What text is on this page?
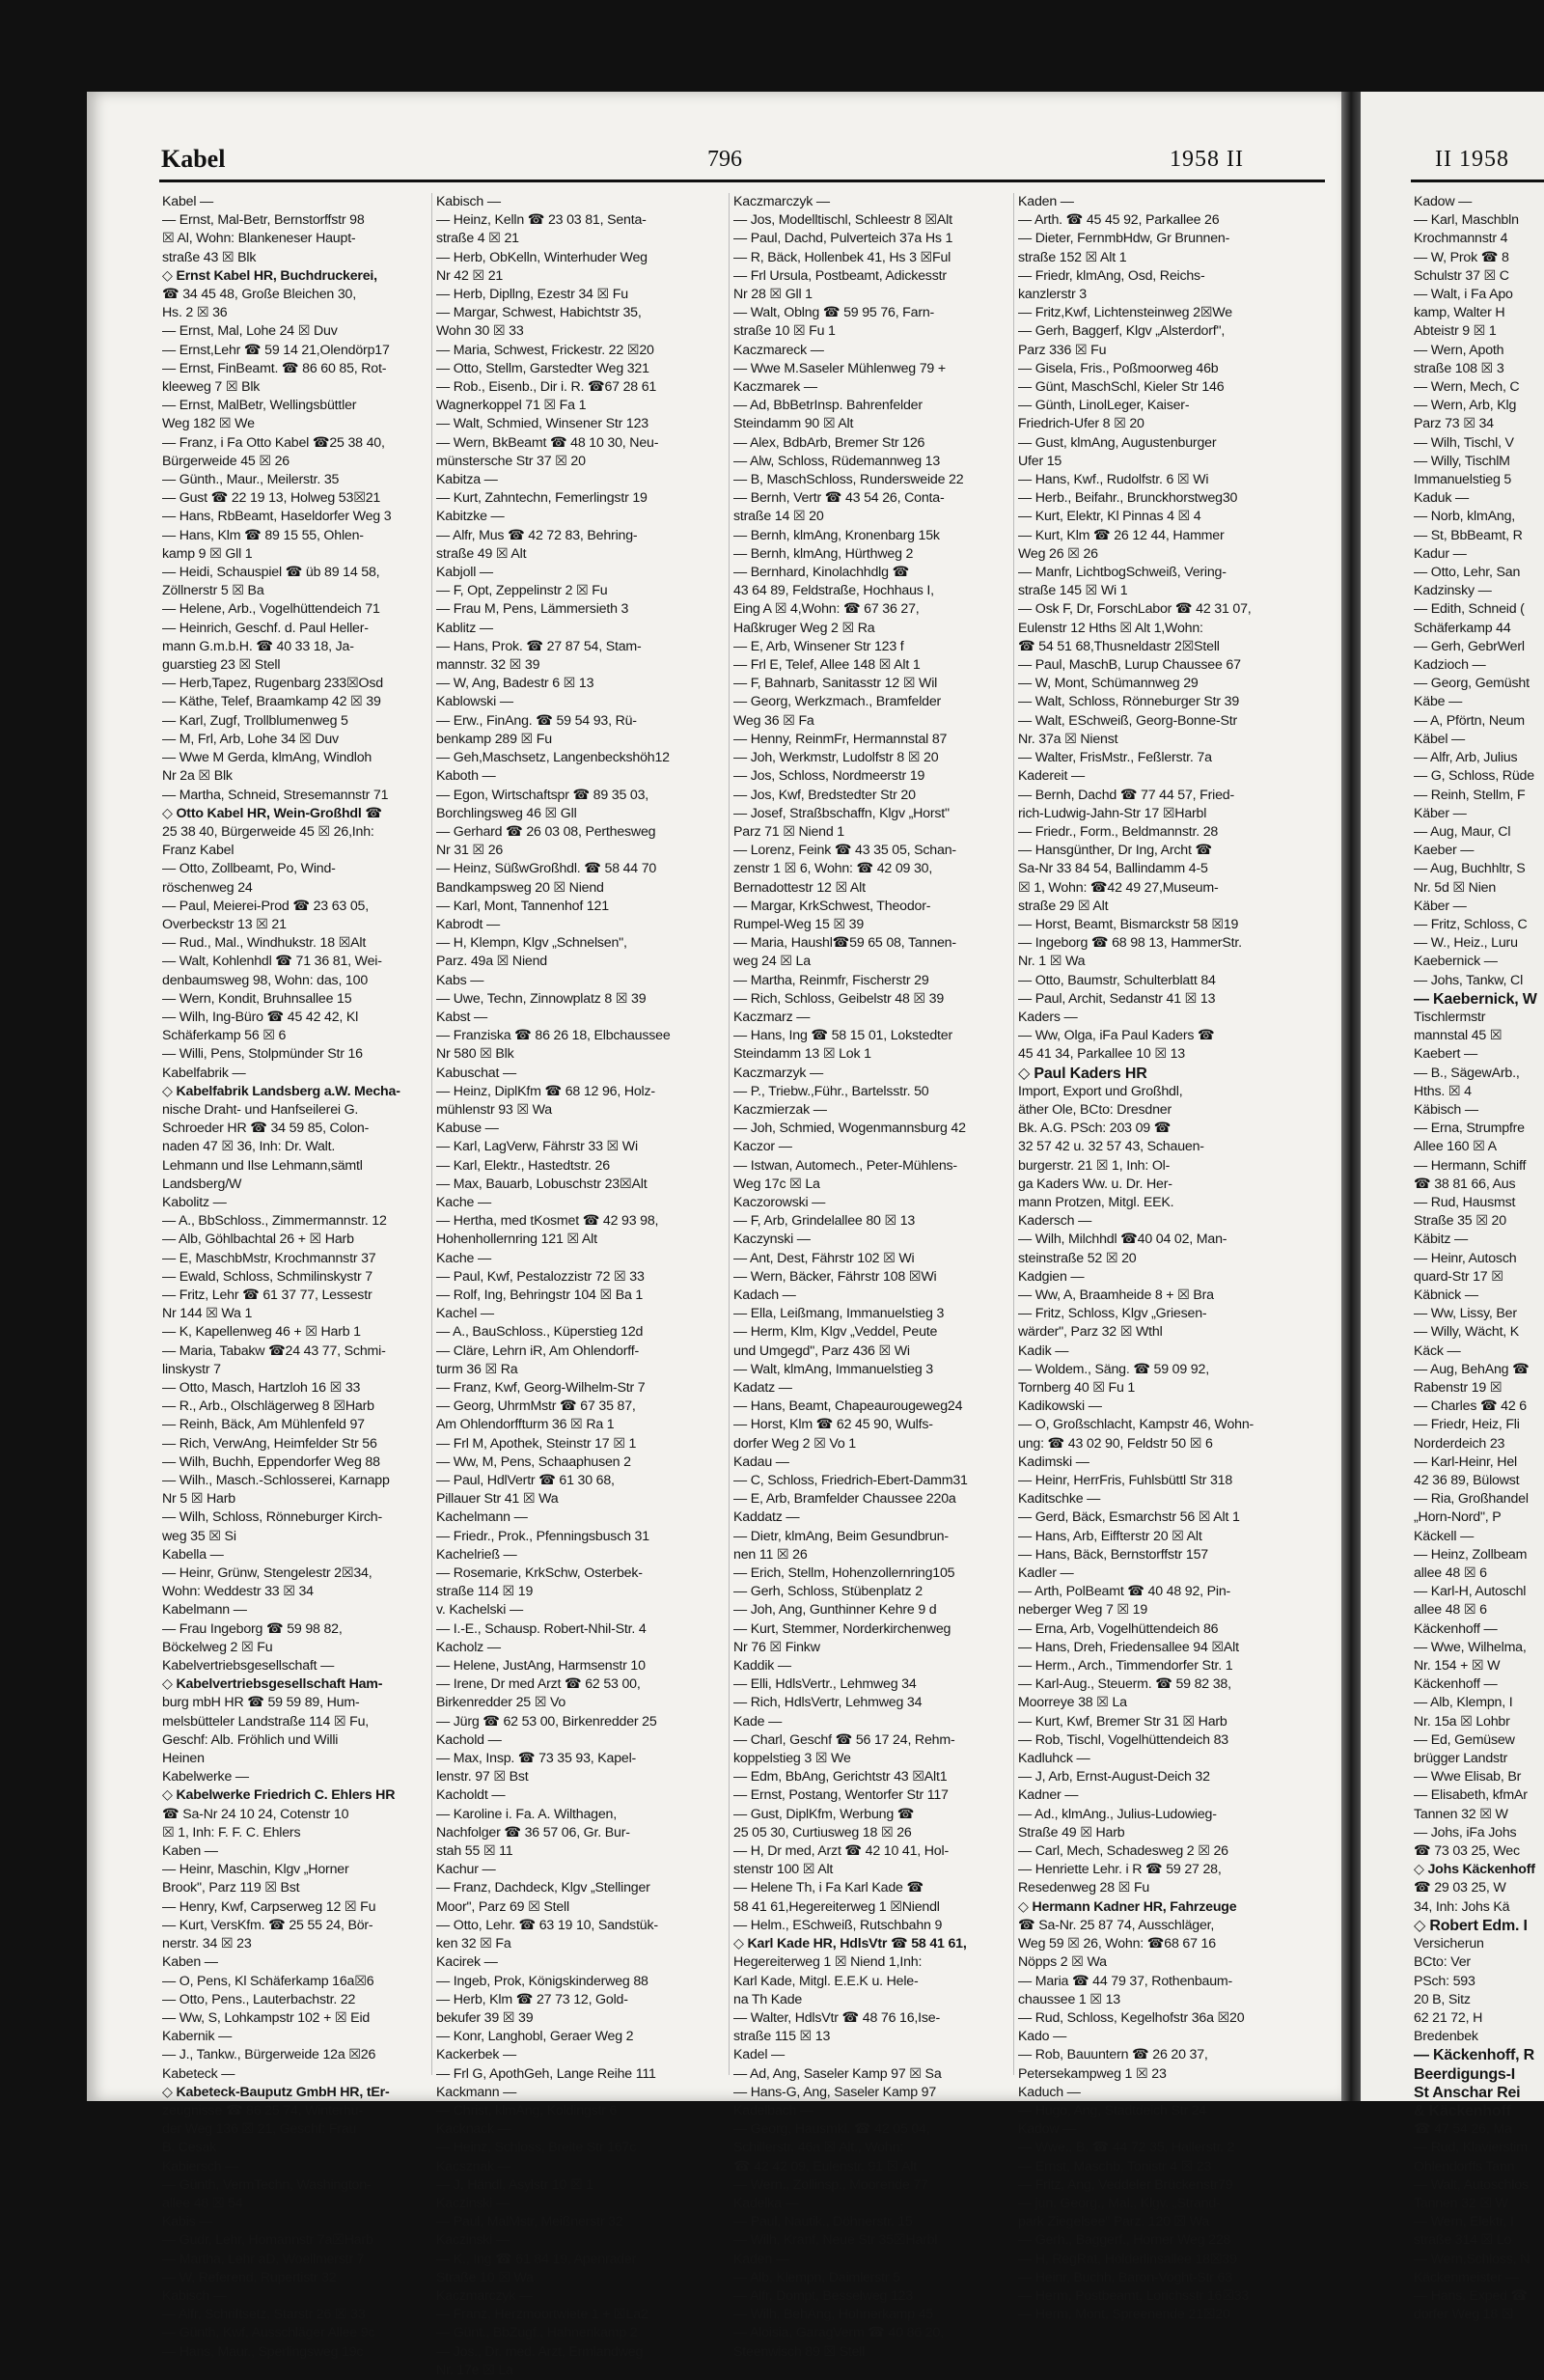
Kabel	796	1958 II	II 1958
Kabel —
— Ernst, Mal-Betr, Bernstorffstr 98
☒ Al, Wohn: Blankeneser Haupt-
straße 43 ☒ Blk
◇ Ernst Kabel HR, Buchdruckerei,
☎ 34 45 48, Große Bleichen 30,
Hs. 2 ☒ 36
— Ernst, Mal, Lohe 24 ☒ Duv
— Ernst,Lehr ☎ 59 14 21,Olendörp17
— Ernst, FinBeamt. ☎ 86 60 85, Rot-
kleeweg 7 ☒ Blk
— Ernst, MalBetr, Wellingsbüttler
Weg 182 ☒ We
— Franz, i Fa Otto Kabel ☎25 38 40,
Bürgerweide 45 ☒ 26
— Günth., Maur., Meilerstr. 35
— Gust ☎ 22 19 13, Holweg 53☒21
— Hans, RbBeamt, Haseldorfer Weg 3
— Hans, Klm ☎ 89 15 55, Ohlen-
kamp 9 ☒ Gll 1
— Heidi, Schauspiel ☎ üb 89 14 58,
Zöllnerstr 5 ☒ Ba
— Helene, Arb., Vogelhüttendeich 71
— Heinrich, Geschf. d. Paul Heller-
mann G.m.b.H. ☎ 40 33 18, Ja-
guarstieg 23 ☒ Stell
— Herb,Tapez, Rugenbarg 233☒Osd
— Käthe, Telef, Braamkamp 42 ☒ 39
— Karl, Zugf, Trollblumenweg 5
— M, Frl, Arb, Lohe 34 ☒ Duv
— Wwe M Gerda, klmAng, Windloh
Nr 2a ☒ Blk
— Martha, Schneid, Stresemannstr 71
◇ Otto Kabel HR, Wein-Großhdl ☎
25 38 40, Bürgerweide 45 ☒ 26,Inh:
Franz Kabel
— Otto, Zollbeamt, Po, Wind-
röschenweg 24
— Paul, Meierei-Prod ☎ 23 63 05,
Overbeckstr 13 ☒ 21
— Rud., Mal., Windhukstr. 18 ☒Alt
— Walt, Kohlenhdl ☎ 71 36 81, Wei-
denbaumsweg 98, Wohn: das, 100
— Wern, Kondit, Bruhnsallee 15
— Wilh, Ing-Büro ☎ 45 42 42, Kl
Schäferkamp 56 ☒ 6
— Willi, Pens, Stolpmünder Str 16
Kabelfabrik —
◇ Kabelfabrik Landsberg a.W. Mecha-
nische Draht- und Hanfseilerei G.
Schroeder HR ☎ 34 59 85, Colon-
naden 47 ☒ 36, Inh: Dr. Walt.
Lehmann und Ilse Lehmann,sämtl
Landsberg/W
Kabolitz —
— A., BbSchloss., Zimmermannstr. 12
— Alb, Göhlbachtal 26 + ☒ Harb
— E, MaschbMstr, Krochmannstr 37
— Ewald, Schloss, Schmilinskystr 7
— Fritz, Lehr ☎ 61 37 77, Lessestr
Nr 144 ☒ Wa 1
— K, Kapellenweg 46 + ☒ Harb 1
— Maria, Tabakw ☎24 43 77, Schmi-
linskystr 7
— Otto, Masch, Hartzloh 16 ☒ 33
— R., Arb., Olschlägerweg 8 ☒Harb
— Reinh, Bäck, Am Mühlenfeld 97
— Rich, VerwAng, Heimfelder Str 56
— Wilh, Buchh, Eppendorfer Weg 88
— Wilh., Masch.-Schlosserei, Karnapp
Nr 5 ☒ Harb
— Wilh, Schloss, Rönneburger Kirch-
weg 35 ☒ Si
Kabella —
— Heinr, Grünw, Stengelestr 2☒34,
Wohn: Weddestr 33 ☒ 34
Kabelmann —
— Frau Ingeborg ☎ 59 98 82,
Böckelweg 2 ☒ Fu
Kabelvertriebsgesellschaft —
◇ Kabelvertriebsgesellschaft Ham-
burg mbH HR ☎ 59 59 89, Hum-
melsbütteler Landstraße 114 ☒ Fu,
Geschf: Alb. Fröhlich und Willi
Heinen
Kabelwerke —
◇ Kabelwerke Friedrich C. Ehlers HR
☎ Sa-Nr 24 10 24, Cotenstr 10
☒ 1, Inh: F. F. C. Ehlers
Kaben —
— Heinr, Maschin, Klgv „Horner
Brook", Parz 119 ☒ Bst
— Henry, Kwf, Carpserweg 12 ☒ Fu
— Kurt, VersKfm. ☎ 25 55 24, Bör-
nerstr. 34 ☒ 23
Kaben —
— O, Pens, Kl Schäferkamp 16a☒6
— Otto, Pens., Lauterbachstr. 22
— Ww, S, Lohkampstr 102 + ☒ Eid
Kabernik —
— J., Tankw., Bürgerweide 12a ☒26
Kabeteck —
◇ Kabeteck-Bauputz GmbH HR, tEr-
zeugnisse ☎ 86 25 74, Winterhu-
der Weg 136 ☒ 21, Geschf: Frau
B. Cesak
Kabiersch —
— Günth, VermTechn, Washington-
allee 48 ☒ 54
Kabis —
— Gudr, Lehr, Homannstr 7a☒Harb
— Martha, Lehr aD, Woellmerstr 7
— W, Referend, Rupertistr 32
Kabisch —
— Alfr, Schriftsetz, Starstr 26 ☒ 33
— Günth, Kwf, Ausschläger Allee 9c
— Hans, Maur., Sperlingsweg 19c
Kabisch —
— Heinz, Kelln ☎ 23 03 81, Senta-
straße 4 ☒ 21
— Herb, ObKelln, Winterhuder Weg
Nr 42 ☒ 21
— Herb, Dipllng, Ezestr 34 ☒ Fu
— Margar, Schwest, Habichtstr 35,
Wohn 30 ☒ 33
— Maria, Schwest, Frickestr. 22 ☒20
— Otto, Stellm, Garstedter Weg 321
— Rob., Eisenb., Dir i. R. ☎67 28 61
Wagnerkoppel 71 ☒ Fa 1
— Walt, Schmied, Winsener Str 123
— Wern, BkBeamt ☎ 48 10 30, Neu-
münstersche Str 37 ☒ 20
Kabitza —
— Kurt, Zahntechn, Femerlingstr 19
Kabitzke —
— Alfr, Mus ☎ 42 72 83, Behring-
straße 49 ☒ Alt
Kabjoll —
— F, Opt, Zeppelinstr 2 ☒ Fu
— Frau M, Pens, Lämmersieth 3
Kablitz —
— Hans, Prok. ☎ 27 87 54, Stam-
mannstr. 32 ☒ 39
— W, Ang, Badestr 6 ☒ 13
Kablowski —
— Erw., FinAng. ☎ 59 54 93, Rü-
benkamp 289 ☒ Fu
— Geh,Maschsetz, Langenbeckshöh12
Kaboth —
— Egon, Wirtschaftspr ☎ 89 35 03,
Borchlingsweg 46 ☒ Gll
— Gerhard ☎ 26 03 08, Perthesweg
Nr 31 ☒ 26
— Heinz, SüßwGroßhdl. ☎ 58 44 70
Bandkampsweg 20 ☒ Niend
— Karl, Mont, Tannenhof 121
Kabrodt —
— H, Klempn, Klgv „Schnelsen",
Parz. 49a ☒ Niend
Kabs —
— Uwe, Techn, Zinnowplatz 8 ☒ 39
Kabst —
— Franziska ☎ 86 26 18, Elbchaussee
Nr 580 ☒ Blk
Kabuschat —
— Heinz, DiplKfm ☎ 68 12 96, Holz-
mühlenstr 93 ☒ Wa
Kabuse —
— Karl, LagVerw, Fährstr 33 ☒ Wi
— Karl, Elektr., Hastedtstr. 26
— Max, Bauarb, Lobuschstr 23☒Alt
Kache —
— Hertha, med tKosmet ☎ 42 93 98,
Hohenhollernring 121 ☒ Alt
Kache —
— Paul, Kwf, Pestalozzistr 72 ☒ 33
— Rolf, Ing, Behringstr 104 ☒ Ba 1
Kachel —
— A., BauSchloss., Küperstieg 12d
— Cläre, Lehrn iR, Am Ohlendorff-
turm 36 ☒ Ra
— Franz, Kwf, Georg-Wilhelm-Str 7
— Georg, UhrmMstr ☎ 67 35 87,
Am Ohlendorffturm 36 ☒ Ra 1
— Frl M, Apothek, Steinstr 17 ☒ 1
— Ww, M, Pens, Schaaphusen 2
— Paul, HdlVertr ☎ 61 30 68,
Pillauer Str 41 ☒ Wa
Kachelmann —
— Friedr., Prok., Pfenningsbusch 31
Kachelrieß —
— Rosemarie, KrkSchw, Osterbek-
straße 114 ☒ 19
v. Kachelski —
— I.-E., Schausp. Robert-Nhil-Str. 4
Kacholz —
— Helene, JustAng, Harmsenstr 10
— Irene, Dr med Arzt ☎ 62 53 00,
Birkenredder 25 ☒ Vo
— Jürg ☎ 62 53 00, Birkenredder 25
Kachold —
— Max, Insp. ☎ 73 35 93, Kapel-
lenstr. 97 ☒ Bst
Kacholdt —
— Karoline i. Fa. A. Wilthagen,
Nachfolger ☎ 36 57 06, Gr. Bur-
stah 55 ☒ 11
Kachur —
— Franz, Dachdeck, Klgv „Stellinger
Moor", Parz 69 ☒ Stell
— Otto, Lehr. ☎ 63 19 10, Sandstük-
ken 32 ☒ Fa
Kacirek —
— Ingeb, Prok, Königskinderweg 88
— Herb, Klm ☎ 27 73 12, Gold-
bekufer 39 ☒ 39
— Konr, Langhobl, Geraer Weg 2
Kackerbek —
— Frl G, ApothGeh, Lange Reihe 111
Kackmann —
— Christ, klmAng, Koldingstr 6
Kacknack —
— Heinz, Schloss, Breite Str 167c
Kacsznak —
— J, Händl, Asylstr 10 ☒ 1
Kaczinski —
— Paul, MalMstr, Meißnerstr 32
Kaczinski —
— K., Ing ☎ 61 84 19, Apenrader
Straße 10 ☒ Wa
Kaczmarczyk —
— Franz, Herzmoortwiete 1 + ☒La2
— Günt., BbZugf., Hahnenkamp 2
— Jos., Dr. med. Arzt, Ermlandweg
Nr. 17e ☒ La
Kaczmarczyk —
— Jos, Modelltischl, Schleestr 8 ☒Alt
— Paul, Dachd, Pulverteich 37a Hs 1
— R, Bäck, Hollenbek 41, Hs 3 ☒Ful
— Frl Ursula, Postbeamt, Adickesstr
Nr 28 ☒ Gll 1
— Walt, Oblng ☎ 59 95 76, Farn-
straße 10 ☒ Fu 1
Kaczmareck —
— Wwe M.Saseler Mühlenweg 79 +
Kaczmarek —
— Ad, BbBetrInsp. Bahrenfelder
Steindamm 90 ☒ Alt
— Alex, BdbArb, Bremer Str 126
— Alw, Schloss, Rüdemannweg 13
— B, MaschSchloss, Rundersweide 22
— Bernh, Vertr ☎ 43 54 26, Conta-
straße 14 ☒ 20
— Bernh, klmAng, Kronenbarg 15k
— Bernh, klmAng, Hürthweg 2
— Bernhard, Kinolachhdlg ☎
43 64 89, Feldstraße, Hochhaus I,
Eing A ☒ 4,Wohn: ☎ 67 36 27,
Haßkruger Weg 2 ☒ Ra
— E, Arb, Winsener Str 123 f
— Frl E, Telef, Allee 148 ☒ Alt 1
— F, Bahnarb, Sanitasstr 12 ☒ Wil
— Georg, Werkzmach., Bramfelder
Weg 36 ☒ Fa
— Henny, ReinmFr, Hermannstal 87
— Joh, Werkmstr, Ludolfstr 8 ☒ 20
— Jos, Schloss, Nordmeerstr 19
— Jos, Kwf, Bredstedter Str 20
— Josef, Straßbschaffn, Klgv „Horst"
Parz 71 ☒ Niend 1
— Lorenz, Feink ☎ 43 35 05, Schan-
zenstr 1 ☒ 6, Wohn: ☎ 42 09 30,
Bernadottestr 12 ☒ Alt
— Margar, KrkSchwest, Theodor-
Rumpel-Weg 15 ☒ 39
— Maria, Haushl☎59 65 08, Tannen-
weg 24 ☒ La
— Martha, Reinmfr, Fischerstr 29
— Rich, Schloss, Geibelstr 48 ☒ 39
Kaczmarz —
— Hans, Ing ☎ 58 15 01, Lokstedter
Steindamm 13 ☒ Lok 1
Kaczmarzyk —
— P., Triebw.,Führ., Bartelsstr. 50
Kaczmierzak —
— Joh, Schmied, Wogenmannsburg 42
Kaczor —
— Istwan, Automech., Peter-Mühlens-
Weg 17c ☒ La
Kaczorowski —
— F, Arb, Grindelallee 80 ☒ 13
Kaczynski —
— Ant, Dest, Fährstr 102 ☒ Wi
— Wern, Bäcker, Fährstr 108 ☒Wi
Kadach —
— Ella, Leißmang, Immanuelstieg 3
— Herm, Klm, Klgv „Veddel, Peute
und Umgegd", Parz 436 ☒ Wi
— Walt, klmAng, Immanuelstieg 3
Kadatz —
— Hans, Beamt, Chapeaurougeweg24
— Horst, Klm ☎ 62 45 90, Wulfs-
dorfer Weg 2 ☒ Vo 1
Kadau —
— C, Schloss, Friedrich-Ebert-Damm31
— E, Arb, Bramfelder Chaussee 220a
Kaddatz —
— Dietr, klmAng, Beim Gesundbrun-
nen 11 ☒ 26
— Erich, Stellm, Hohenzollernring105
— Gerh, Schloss, Stübenplatz 2
— Joh, Ang, Gunthinner Kehre 9 d
— Kurt, Stemmer, Norderkirchenweg
Nr 76 ☒ Finkw
Kaddik —
— Elli, HdlsVertr., Lehmweg 34
— Rich, HdlsVertr, Lehmweg 34
Kade —
— Charl, Geschf ☎ 56 17 24, Rehm-
koppelstieg 3 ☒ We
— Edm, BbAng, Gerichtstr 43 ☒Alt1
— Ernst, Postang, Wentorfer Str 117
— Gust, DiplKfm, Werbung ☎
25 05 30, Curtiusweg 18 ☒ 26
— H, Dr med, Arzt ☎ 42 10 41, Hol-
stenstr 100 ☒ Alt
— Helene Th, i Fa Karl Kade ☎
58 41 61,Hegereiterweg 1 ☒Niendl
— Helm., ESchweiß, Rutschbahn 9
◇ Karl Kade HR, HdlsVtr ☎ 58 41 61,
Hegereiterweg 1 ☒ Niend 1,Inh:
Karl Kade, Mitgl. E.E.K u. Hele-
na Th Kade
— Walter, HdlsVtr ☎ 48 76 16,Ise-
straße 115 ☒ 13
Kadel —
— Ad, Ang, Saseler Kamp 97 ☒ Sa
— Hans-G, Ang, Saseler Kamp 97
Kadelbach —
— Georg, Hausmkl. ☎ 42 05 04,
Schillerstr. 46a ☒ Alt., Wohn:
☎ 42 42 09, Eulenstr. 91 ☒ Alt
— Wern., Zollinsp., Moorende 77
Kadelka —
— Paul, Nautik., Döhnerstr. 15
— Wilh, Kranf, Neue Str 35☒Harbl
Kaden —
— Alb, Klempn, Daimlerstr 5
— Alfr, Dompt, Besselweg 123
— Wilh, BehAng, Hohnerkamp 45
— Aloisia, GaragVerm ☎ 40 86 20,
Steenwisch 89 ☒ Stell
Kaden —
— Arth. ☎ 45 45 92, Parkallee 26
— Dieter, FernmbHdw, Gr Brunnen-
straße 152 ☒ Alt 1
— Friedr, klmAng, Osd, Reichs-
kanzlerstr 3
— Fritz,Kwf, Lichtensteinweg 2☒We
— Gerh, Baggerf, Klgv „Alsterdorf",
Parz 336 ☒ Fu
— Gisela, Fris., Poßmoorweg 46b
— Günt, MaschSchl, Kieler Str 146
— Günth, LinolLeger, Kaiser-
Friedrich-Ufer 8 ☒ 20
— Gust, klmAng, Augustenburger
Ufer 15
— Hans, Kwf., Rudolfstr. 6 ☒ Wi
— Herb., Beifahr., Brunckhorstweg30
— Kurt, Elektr, Kl Pinnas 4 ☒ 4
— Kurt, Klm ☎ 26 12 44, Hammer
Weg 26 ☒ 26
— Manfr, LichtbogSchweiß, Vering-
straße 145 ☒ Wi 1
— Osk F, Dr, ForschLabor ☎ 42 31 07,
Eulenstr 12 Hths ☒ Alt 1,Wohn:
☎ 54 51 68,Thusneldastr 2☒Stell
— Paul, MaschB, Lurup Chaussee 67
— W, Mont, Schümannweg 29
— Walt, Schloss, Rönneburger Str 39
— Walt, ESchweiß, Georg-Bonne-Str
Nr. 37a ☒ Nienst
— Walter, FrisMstr., Feßlerstr. 7a
Kadereit —
— Bernh, Dachd ☎ 77 44 57, Fried-
rich-Ludwig-Jahn-Str 17 ☒Harbl
— Friedr., Form., Beldmannstr. 28
— Hansgünther, Dr Ing, Archt ☎
Sa-Nr 33 84 54, Ballindamm 4-5
☒ 1, Wohn: ☎42 49 27,Museum-
straße 29 ☒ Alt
— Horst, Beamt, Bismarckstr 58 ☒19
— Ingeborg ☎ 68 98 13, HammerStr.
Nr. 1 ☒ Wa
— Otto, Baumstr, Schulterblatt 84
— Paul, Archit, Sedanstr 41 ☒ 13
Kaders —
— Ww, Olga, iFa Paul Kaders ☎
45 41 34, Parkallee 10 ☒ 13
◇ Paul Kaders HR
Import, Export und Großhdl,
äther Ole, BCto: Dresdner
Bk. A.G. PSch: 203 09 ☎
32 57 42 u. 32 57 43, Schauen-
burgerstr. 21 ☒ 1, Inh: Ol-
ga Kaders Ww. u. Dr. Her-
mann Protzen, Mitgl. EEK.
Kadersch —
— Wilh, Milchhdl ☎40 04 02, Man-
steinstraße 52 ☒ 20
Kadgien —
— Ww, A, Braamheide 8 + ☒ Bra
— Fritz, Schloss, Klgv „Griesen-
wärder", Parz 32 ☒ Wthl
Kadik —
— Woldem., Säng. ☎ 59 09 92,
Tornberg 40 ☒ Fu 1
Kadikowski —
— O, Großschlacht, Kampstr 46, Wohn-
ung: ☎ 43 02 90, Feldstr 50 ☒ 6
Kadimski —
— Heinr, HerrFris, Fuhlsbüttl Str 318
Kaditschke —
— Gerd, Bäck, Esmarchstr 56 ☒ Alt 1
— Hans, Arb, Eiffterstr 20 ☒ Alt
— Hans, Bäck, Bernstorffstr 157
Kadler —
— Arth, PolBeamt ☎ 40 48 92, Pin-
neberger Weg 7 ☒ 19
— Erna, Arb, Vogelhüttendeich 86
— Hans, Dreh, Friedensallee 94 ☒Alt
— Herm., Arch., Timmendorfer Str. 1
— Karl-Aug., Steuerm. ☎ 59 82 38,
Moorreye 38 ☒ La
— Kurt, Kwf, Bremer Str 31 ☒ Harb
— Rob, Tischl, Vogelhüttendeich 83
Kadluhck —
— J, Arb, Ernst-August-Deich 32
Kadner —
— Ad., klmAng., Julius-Ludowieg-
Straße 49 ☒ Harb
— Carl, Mech, Schadesweg 2 ☒ 26
— Henriette Lehr. i R ☎ 59 27 28,
Resedenweg 28 ☒ Fu
◇ Hermann Kadner HR, Fahrzeuge
☎ Sa-Nr. 25 87 74, Ausschläger,
Weg 59 ☒ 26, Wohn: ☎68 67 16
Nöpps 2 ☒ Wa
— Maria ☎ 44 79 37, Rothenbaum-
chaussee 1 ☒ 13
— Rud, Schloss, Kegelhofstr 36a ☒20
Kado —
— Rob, Bauuntern ☎ 26 20 37,
Petersekampweg 1 ☒ 23
Kaduch —
— Hugo, Ang, Stadtdeich Str 24
Kadow —
— Wwe., B. ☎ 44 72 35, Hallerstr. 2
— Ernst, Maschb, Tonistr 4 ☒ 23
— Fritz, Ang, Veddeler Brückenstr79
— jun. Georg., Mal., Klgv. „Strand-
park Ziegelsee" Parz. 120 ☒ Wa
— Gerh., Baggerf., Horner Weg 228
— H, RegRat, Hölderlinsallee 18☒39
— Heinr, Buchh, Baron-Voght-Str 63
— Herm, Postbeamt, Lorichsstr 16☒33
— Herm, Mont, Spreenende 21☒20
Kadow —
— Karl, Maschbln
Krochmannstr 4
— W, Prok ☎ 8
Schulstr 37 ☒ C
— Walt, i Fa Apo
kamp, Walter H
Abteistr 9 ☒ 1
— Wern, Apoth
straße 108 ☒ 3
— Wern, Mech, C
— Wern, Arb, Klg
Parz 73 ☒ 34
— Wilh, Tischl, V
— Willy, TischlM
Immanuelstieg 5
Kaduk —
— Norb, klmAng,
— St, BbBeamt, R
Kadur —
— Otto, Lehr, San
Kadzinsky —
— Edith, Schneid (
Schäferkamp 44
— Gerh, GebrWerl
Kadzioch —
— Georg, Gemüsht
Käbe —
— A, Pförtn, Neum
Käbel —
— Alfr, Arb, Julius
— G, Schloss, Rüde
— Reinh, Stellm, F
Käber —
— Aug, Maur, Cl
Kaeber —
— Aug, Buchhltr, S
Nr. 5d ☒ Nien
Käber —
— Fritz, Schloss, C
— W., Heiz., Luru
Kaebernick —
— Johs, Tankw, Cl
— Kaebernick, W
Tischlermstr
mannstal 45 ☒
Kaebert —
— B., SägewArb.,
Hths. ☒ 4
Käbisch —
— Erna, Strumpfre
Allee 160 ☒ A
— Hermann, Schiff
☎ 38 81 66, Aus
— Rud, Hausmst
Straße 35 ☒ 20
Käbitz —
— Heinr, Autosch
quard-Str 17 ☒
Käbnick —
— Ww, Lissy, Ber
— Willy, Wächt, K
Käck —
— Aug, BehAng ☎
Rabenstr 19 ☒
— Charles ☎ 42 6
— Friedr, Heiz, Fli
Norderdeich 23
— Karl-Heinr, Hel
42 36 89, Bülowst
— Ria, Großhandel
„Horn-Nord", P
Käckell —
— Heinz, Zollbeam
allee 48 ☒ 6
— Karl-H, Autoschl
allee 48 ☒ 6
Käckenhoff —
— Wwe, Wilhelma,
Nr. 154 + ☒ W
Käckenhoff —
— Alb, Klempn, I
Nr. 15a ☒ Lohbr
— Ed, Gemüsew
brügger Landstr
— Wwe Elisab, Br
— Elisabeth, kfmAr
Tannen 32 ☒ W
— Johs, iFa Johs
☎ 73 03 25, Wec
◇ Johs Käckenhoff
☎ 29 03 25, W
34, Inh: Johs Kä
◇ Robert Edm. I
Versicherun
BCto: Ver
PSch: 593
20 B, Sitz
62 21 72, H
Bredenbek
— Käckenhoff, R
Beerdigungs-I
St Anschar Rei
& Käckenhoff
☎ 47 54 26, Ma
— Rud, Klavierstim
Ohlendorffs Tann
— Walt, Autoschlos
Tannen 32 ☒ W
— Wern, Elektr, I
straße 314 ☒ Lo
— Wern,Schloss, N
Käckenmeister —
— Hans, Exped ☎
dorfer Weg 18 ☒
